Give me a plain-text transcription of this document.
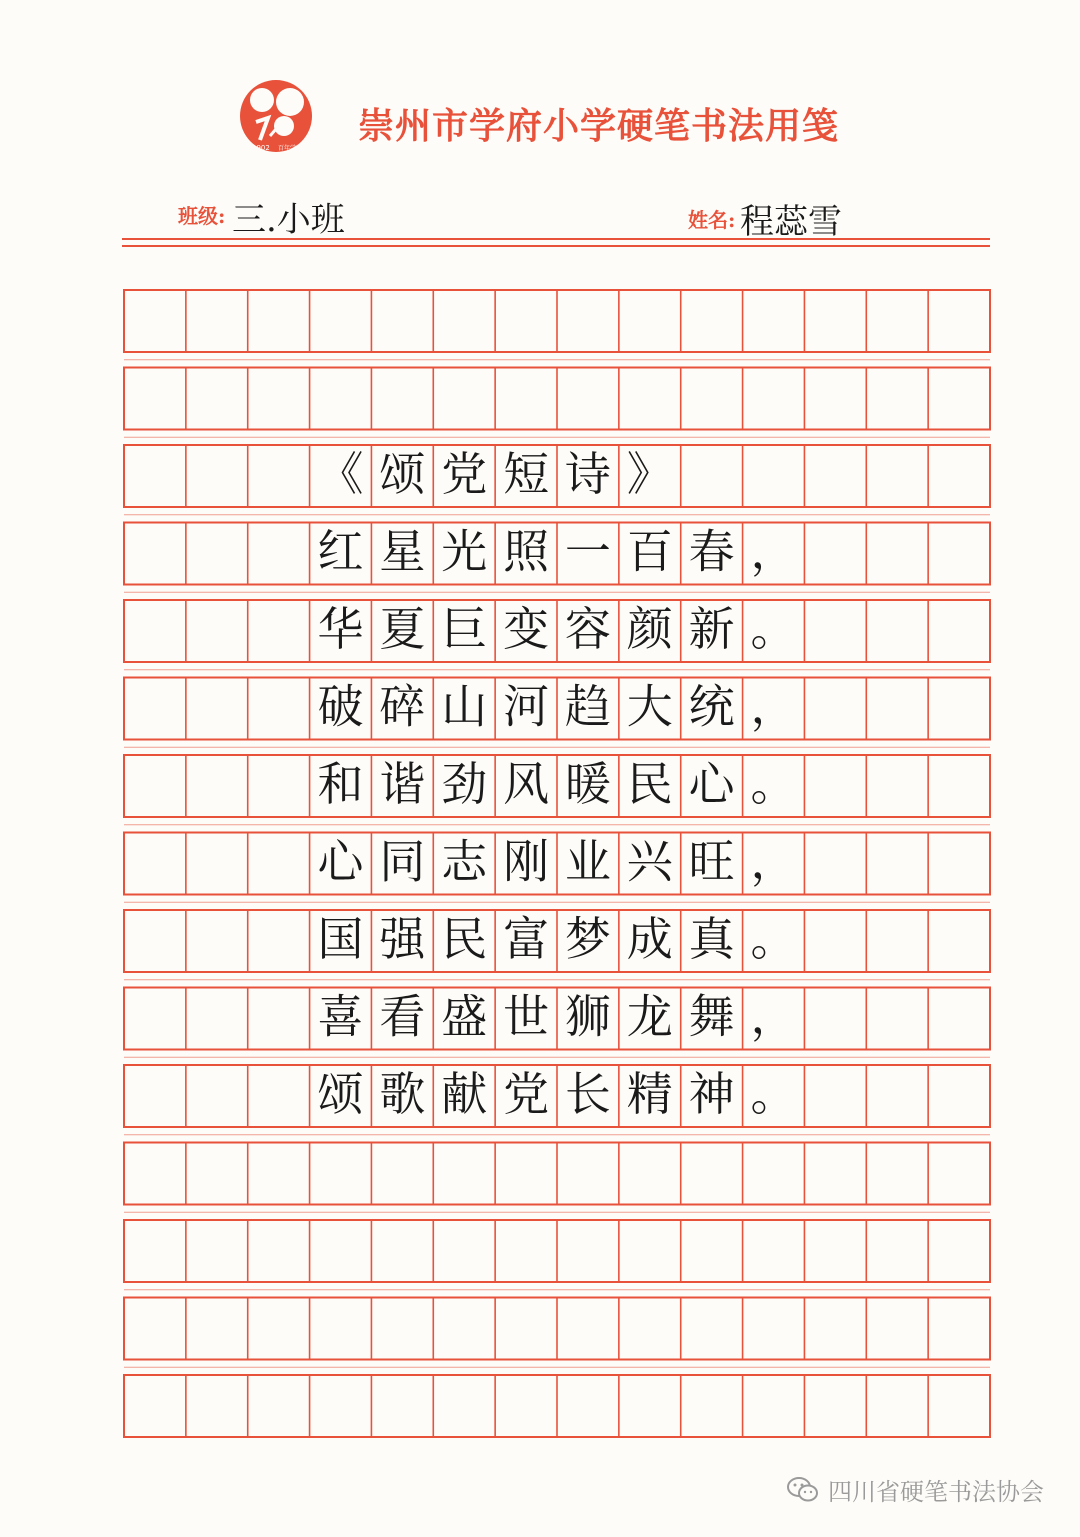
1902 百年学府
崇州市学府小学硬笔书法用笺
班级: 三.小班	姓名: 程蕊雪
《 颂 党 短 诗 》
红 星 光 照 一 百 春 ，
华 夏 巨 变 容 颜 新 。
破 碎 山 河 趋 大 统 ，
和 谐 劲 风 暖 民 心 。
心 同 志 刚 业 兴 旺 ，
国 强 民 富 梦 成 真 。
喜 看 盛 世 狮 龙 舞 ，
颂 歌 献 党 长 精 神 。
四川省硬笔书法协会
